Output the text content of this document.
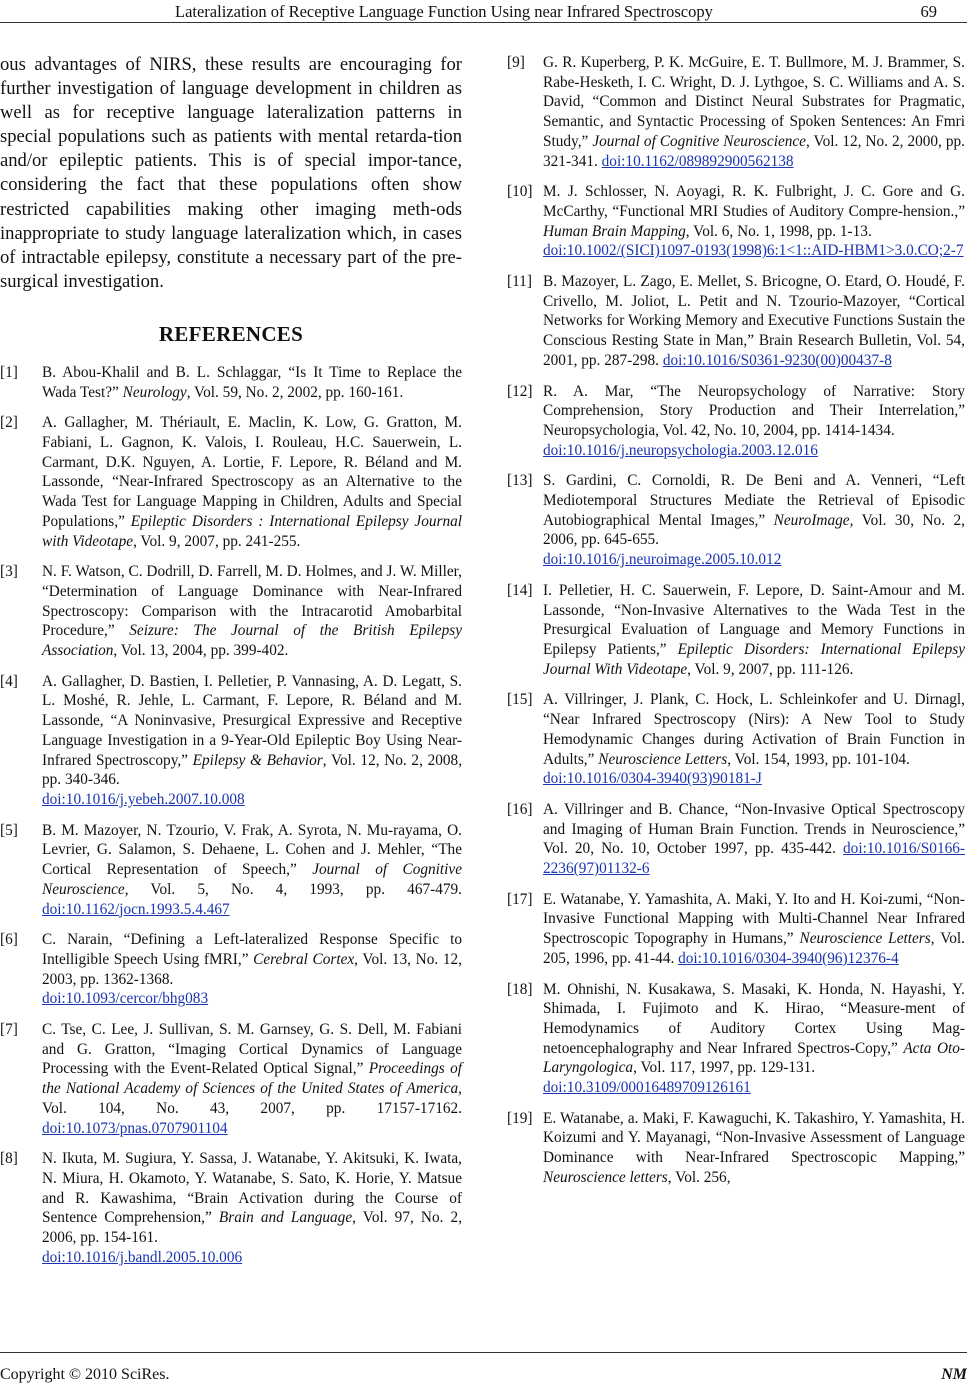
Lateralization of Receptive Language Function Using near Infrared Spectroscopy	69

ous advantages of NIRS, these results are encouraging for further investigation of language development in children as well as for receptive language lateralization patterns in special populations such as patients with mental retarda-tion and/or epileptic patients. This is of special impor-tance, considering the fact that these populations often show restricted capabilities making other imaging meth-ods inappropriate to study language lateralization which, in cases of intractable epilepsy, constitute a necessary part of the pre-surgical investigation.

REFERENCES
[1]	B. Abou-Khalil and B. L. Schlaggar, “Is It Time to Replace the Wada Test?” Neurology, Vol. 59, No. 2, 2002, pp. 160-161.
[2]	A. Gallagher, M. Thériault, E. Maclin, K. Low, G. Gratton, M. Fabiani, L. Gagnon, K. Valois, I. Rouleau, H.C. Sauerwein, L. Carmant, D.K. Nguyen, A. Lortie, F. Lepore, R. Béland and M. Lassonde, “Near-Infrared Spectroscopy as an Alternative to the Wada Test for Language Mapping in Children, Adults and Special Populations,” Epileptic Disorders : International Epilepsy Journal with Videotape, Vol. 9, 2007, pp. 241-255.
[3]	N. F. Watson, C. Dodrill, D. Farrell, M. D. Holmes, and J. W. Miller, “Determination of Language Dominance with Near-Infrared Spectroscopy: Comparison with the Intracarotid Amobarbital Procedure,” Seizure: The Journal of the British Epilepsy Association, Vol. 13, 2004, pp. 399-402.
[4]	A. Gallagher, D. Bastien, I. Pelletier, P. Vannasing, A. D. Legatt, S. L. Moshé, R. Jehle, L. Carmant, F. Lepore, R. Béland and M. Lassonde, “A Noninvasive, Presurgical Expressive and Receptive Language Investigation in a 9-Year-Old Epileptic Boy Using Near-Infrared Spectroscopy,” Epilepsy & Behavior, Vol. 12, No. 2, 2008, pp. 340-346.
doi:10.1016/j.yebeh.2007.10.008
[5]	B. M. Mazoyer, N. Tzourio, V. Frak, A. Syrota, N. Mu-rayama, O. Levrier, G. Salamon, S. Dehaene, L. Cohen and J. Mehler, “The Cortical Representation of Speech,” Journal of Cognitive Neuroscience, Vol. 5, No. 4, 1993, pp. 467-479. doi:10.1162/jocn.1993.5.4.467
[6]	C. Narain, “Defining a Left-lateralized Response Specific to Intelligible Speech Using fMRI,” Cerebral Cortex, Vol. 13, No. 12, 2003, pp. 1362-1368.
doi:10.1093/cercor/bhg083
[7]	C. Tse, C. Lee, J. Sullivan, S. M. Garnsey, G. S. Dell, M. Fabiani and G. Gratton, “Imaging Cortical Dynamics of Language Processing with the Event-Related Optical Signal,” Proceedings of the National Academy of Sciences of the United States of America, Vol. 104, No. 43, 2007, pp. 17157-17162. doi:10.1073/pnas.0707901104
[8]	N. Ikuta, M. Sugiura, Y. Sassa, J. Watanabe, Y. Akitsuki, K. Iwata, N. Miura, H. Okamoto, Y. Watanabe, S. Sato, K. Horie, Y. Matsue and R. Kawashima, “Brain Activation during the Course of Sentence Comprehension,” Brain and Language, Vol. 97, No. 2, 2006, pp. 154-161.
doi:10.1016/j.bandl.2005.10.006
[9]	G. R. Kuperberg, P. K. McGuire, E. T. Bullmore, M. J. Brammer, S. Rabe-Hesketh, I. C. Wright, D. J. Lythgoe, S. C. Williams and A. S. David, “Common and Distinct Neural Substrates for Pragmatic, Semantic, and Syntactic Processing of Spoken Sentences: An Fmri Study,” Journal of Cognitive Neuroscience, Vol. 12, No. 2, 2000, pp. 321-341. doi:10.1162/089892900562138
[10] M. J. Schlosser, N. Aoyagi, R. K. Fulbright, J. C. Gore and G. McCarthy, “Functional MRI Studies of Auditory Compre-hension.,” Human Brain Mapping, Vol. 6, No. 1, 1998, pp. 1-13.
doi:10.1002/(SICI)1097-0193(1998)6:1<1::AID-HBM1>3.0.CO;2-7
[11] B. Mazoyer, L. Zago, E. Mellet, S. Bricogne, O. Etard, O. Houdé, F. Crivello, M. Joliot, L. Petit and N. Tzourio-Mazoyer, “Cortical Networks for Working Memory and Executive Functions Sustain the Conscious Resting State in Man,” Brain Research Bulletin, Vol. 54, 2001, pp. 287-298. doi:10.1016/S0361-9230(00)00437-8
[12] R. A. Mar, “The Neuropsychology of Narrative: Story Comprehension, Story Production and Their Interrelation,” Neuropsychologia, Vol. 42, No. 10, 2004, pp. 1414-1434.
doi:10.1016/j.neuropsychologia.2003.12.016
[13] S. Gardini, C. Cornoldi, R. De Beni and A. Venneri, “Left Mediotemporal Structures Mediate the Retrieval of Episodic Autobiographical Mental Images,” NeuroImage, Vol. 30, No. 2, 2006, pp. 645-655.
doi:10.1016/j.neuroimage.2005.10.012
[14] I. Pelletier, H. C. Sauerwein, F. Lepore, D. Saint-Amour and M. Lassonde, “Non-Invasive Alternatives to the Wada Test in the Presurgical Evaluation of Language and Memory Functions in Epilepsy Patients,” Epileptic Disorders: International Epilepsy Journal With Videotape, Vol. 9, 2007, pp. 111-126.
[15] A. Villringer, J. Plank, C. Hock, L. Schleinkofer and U. Dirnagl, “Near Infrared Spectroscopy (Nirs): A New Tool to Study Hemodynamic Changes during Activation of Brain Function in Adults,” Neuroscience Letters, Vol. 154, 1993, pp. 101-104.
doi:10.1016/0304-3940(93)90181-J
[16] A. Villringer and B. Chance, “Non-Invasive Optical Spectroscopy and Imaging of Human Brain Function. Trends in Neuroscience,” Vol. 20, No. 10, October 1997, pp. 435-442. doi:10.1016/S0166-2236(97)01132-6
[17] E. Watanabe, Y. Yamashita, A. Maki, Y. Ito and H. Koi-zumi, “Non-Invasive Functional Mapping with Multi-Channel Near Infrared Spectroscopic Topography in Humans,” Neuroscience Letters, Vol. 205, 1996, pp. 41-44. doi:10.1016/0304-3940(96)12376-4
[18] M. Ohnishi, N. Kusakawa, S. Masaki, K. Honda, N. Hayashi, Y. Shimada, I. Fujimoto and K. Hirao, “Measure-ment of Hemodynamics of Auditory Cortex Using Mag-netoencephalography and Near Infrared Spectros-Copy,” Acta Oto-Laryngologica, Vol. 117, 1997, pp. 129-131.
doi:10.3109/00016489709126161
[19] E. Watanabe, a. Maki, F. Kawaguchi, K. Takashiro, Y. Yamashita, H. Koizumi and Y. Mayanagi, “Non-Invasive Assessment of Language Dominance with Near-Infrared Spectroscopic Mapping,” Neuroscience letters, Vol. 256,
Copyright © 2010 SciRes.	NM
